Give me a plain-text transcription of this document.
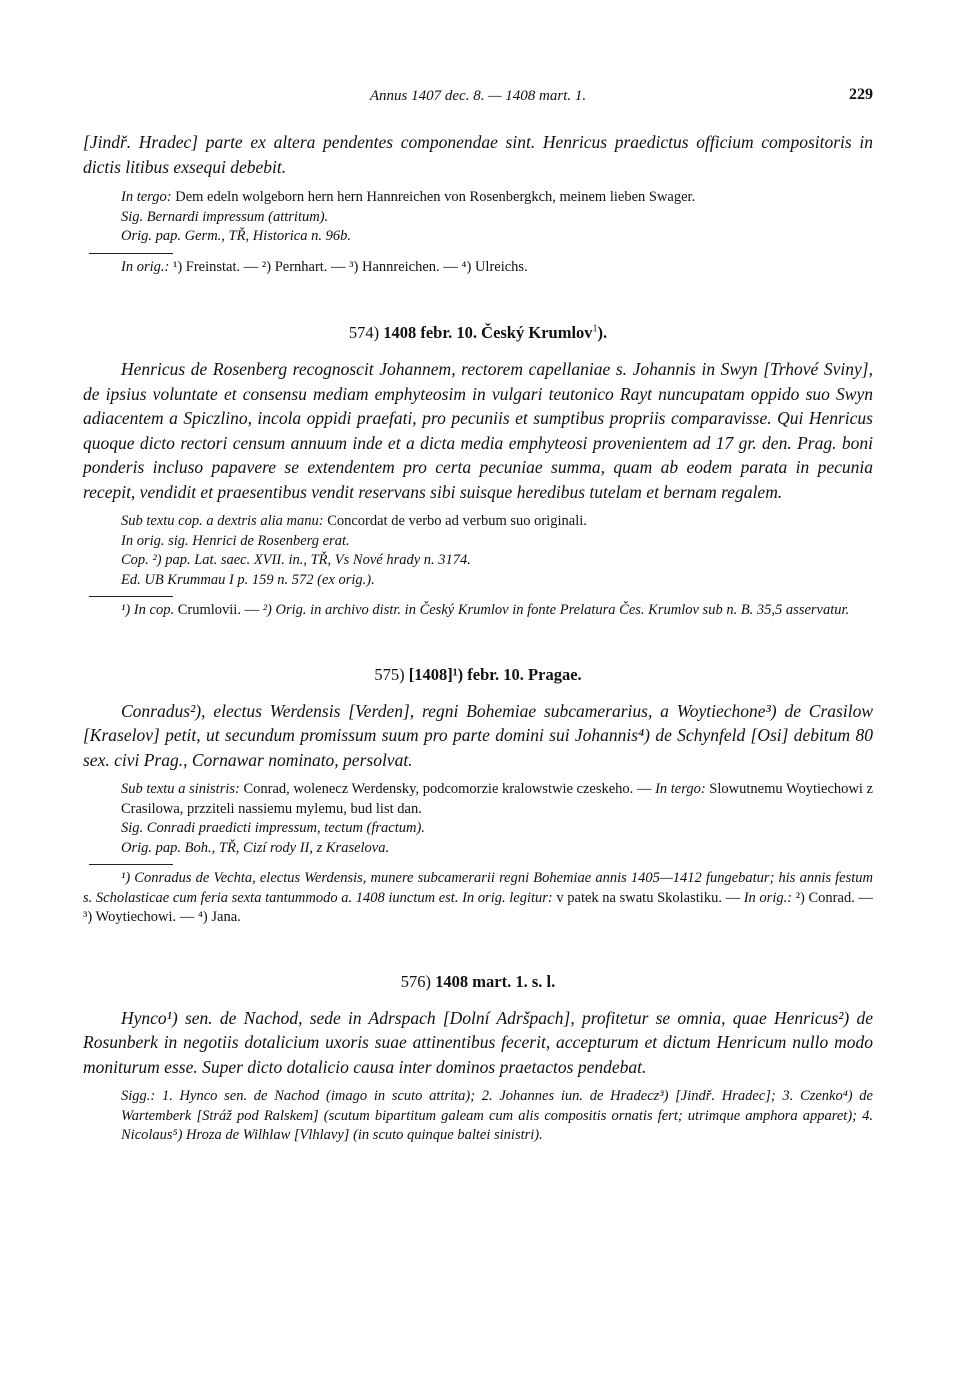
Annus 1407 dec. 8. — 1408 mart. 1.	229

[Jindř. Hradec] parte ex altera pendentes componendae sint. Henricus praedictus officium compositoris in dictis litibus exsequi debebit.

In tergo: Dem edeln wolgeborn hern hern Hannreichen von Rosenbergkch, meinem lieben Swager.

Sig. Bernardi impressum (attritum).

Orig. pap. Germ., TŘ, Historica n. 96b.

In orig.: ¹) Freinstat. — ²) Pernhart. — ³) Hannreichen. — ⁴) Ulreichs.

574) 1408 febr. 10. Český Krumlov$^1$).

Henricus de Rosenberg recognoscit Johannem, rectorem capellaniae s. Johannis in Swyn [Trhové Sviny], de ipsius voluntate et consensu mediam emphyteosim in vulgari teutonico Rayt nuncupatam oppido suo Swyn adiacentem a Spiczlino, incola oppidi praefati, pro pecuniis et sumptibus propriis comparavisse. Qui Henricus quoque dicto rectori censum annuum inde et a dicta media emphyteosi provenientem ad 17 gr. den. Prag. boni ponderis incluso papavere se extendentem pro certa pecuniae summa, quam ab eodem parata in pecunia recepit, vendidit et praesentibus vendit reservans sibi suisque heredibus tutelam et bernam regalem.

Sub textu cop. a dextris alia manu: Concordat de verbo ad verbum suo originali.

In orig. sig. Henrici de Rosenberg erat.

Cop. ²) pap. Lat. saec. XVII. in., TŘ, Vs Nové hrady n. 3174.

Ed. UB Krummau I p. 159 n. 572 (ex orig.).

¹) In cop. Crumlovii. — ²) Orig. in archivo distr. in Český Krumlov in fonte Prelatura Čes. Krumlov sub n. B. 35,5 asservatur.

575) [1408]¹) febr. 10. Pragae.

Conradus²), electus Werdensis [Verden], regni Bohemiae subcamerarius, a Woytiechone³) de Crasilow [Kraselov] petit, ut secundum promissum suum pro parte domini sui Johannis⁴) de Schynfeld [Osi] debitum 80 sex. civi Prag., Cornawar nominato, persolvat.

Sub textu a sinistris: Conrad, wolenecz Werdensky, podcomorzie kralowstwie czeskeho. — In tergo: Slowutnemu Woytiechowi z Crasilowa, przziteli nassiemu mylemu, bud list dan.

Sig. Conradi praedicti impressum, tectum (fractum).

Orig. pap. Boh., TŘ, Cizí rody II, z Kraselova.

¹) Conradus de Vechta, electus Werdensis, munere subcamerarii regni Bohemiae annis 1405—1412 fungebatur; his annis festum s. Scholasticae cum feria sexta tantummodo a. 1408 iunctum est. In orig. legitur: v patek na swatu Skolastiku. — In orig.: ²) Conrad. — ³) Woytiechowi. — ⁴) Jana.

576) 1408 mart. 1. s. l.

Hynco¹) sen. de Nachod, sede in Adrspach [Dolní Adršpach], profitetur se omnia, quae Henricus²) de Rosunberk in negotiis dotalicium uxoris suae attinentibus fecerit, accepturum et dictum Henricum nullo modo moniturum esse. Super dicto dotalicio causa inter dominos praetactos pendebat.

Sigg.: 1. Hynco sen. de Nachod (imago in scuto attrita); 2. Johannes iun. de Hradecz³) [Jindř. Hradec]; 3. Czenko⁴) de Wartemberk [Stráž pod Ralskem] (scutum bipartitum galeam cum alis compositis ornatis fert; utrimque amphora apparet); 4. Nicolaus⁵) Hroza de Wilhlaw [Vlhlavy] (in scuto quinque baltei sinistri).
